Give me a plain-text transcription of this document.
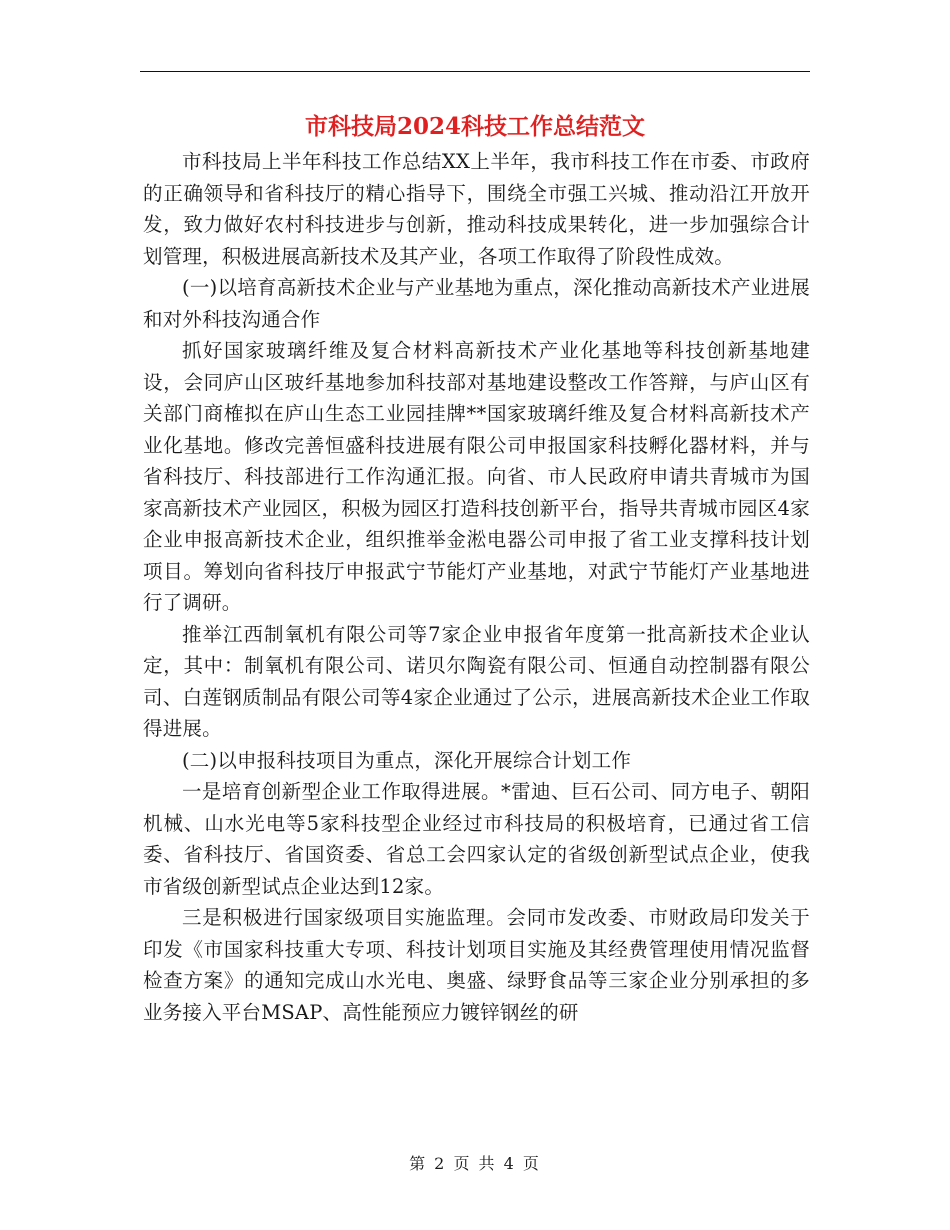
市科技局2024科技工作总结范文

市科技局上半年科技工作总结XX上半年，我市科技工作在市委、市政府的正确领导和省科技厅的精心指导下，围绕全市强工兴城、推动沿江开放开发，致力做好农村科技进步与创新，推动科技成果转化，进一步加强综合计划管理，积极进展高新技术及其产业，各项工作取得了阶段性成效。

(一)以培育高新技术企业与产业基地为重点，深化推动高新技术产业进展和对外科技沟通合作

抓好国家玻璃纤维及复合材料高新技术产业化基地等科技创新基地建设，会同庐山区玻纤基地参加科技部对基地建设整改工作答辩，与庐山区有关部门商榷拟在庐山生态工业园挂牌**国家玻璃纤维及复合材料高新技术产业化基地。修改完善恒盛科技进展有限公司申报国家科技孵化器材料，并与省科技厅、科技部进行工作沟通汇报。向省、市人民政府申请共青城市为国家高新技术产业园区，积极为园区打造科技创新平台，指导共青城市园区4家企业申报高新技术企业，组织推举金淞电器公司申报了省工业支撑科技计划项目。筹划向省科技厅申报武宁节能灯产业基地，对武宁节能灯产业基地进行了调研。

推举江西制氧机有限公司等7家企业申报省年度第一批高新技术企业认定，其中：制氧机有限公司、诺贝尔陶瓷有限公司、恒通自动控制器有限公司、白莲钢质制品有限公司等4家企业通过了公示，进展高新技术企业工作取得进展。

(二)以申报科技项目为重点，深化开展综合计划工作

一是培育创新型企业工作取得进展。*雷迪、巨石公司、同方电子、朝阳机械、山水光电等5家科技型企业经过市科技局的积极培育，已通过省工信委、省科技厅、省国资委、省总工会四家认定的省级创新型试点企业，使我市省级创新型试点企业达到12家。

三是积极进行国家级项目实施监理。会同市发改委、市财政局印发关于印发《市国家科技重大专项、科技计划项目实施及其经费管理使用情况监督检查方案》的通知完成山水光电、奥盛、绿野食品等三家企业分别承担的多业务接入平台MSAP、高性能预应力镀锌钢丝的研

第 2 页 共 4 页
